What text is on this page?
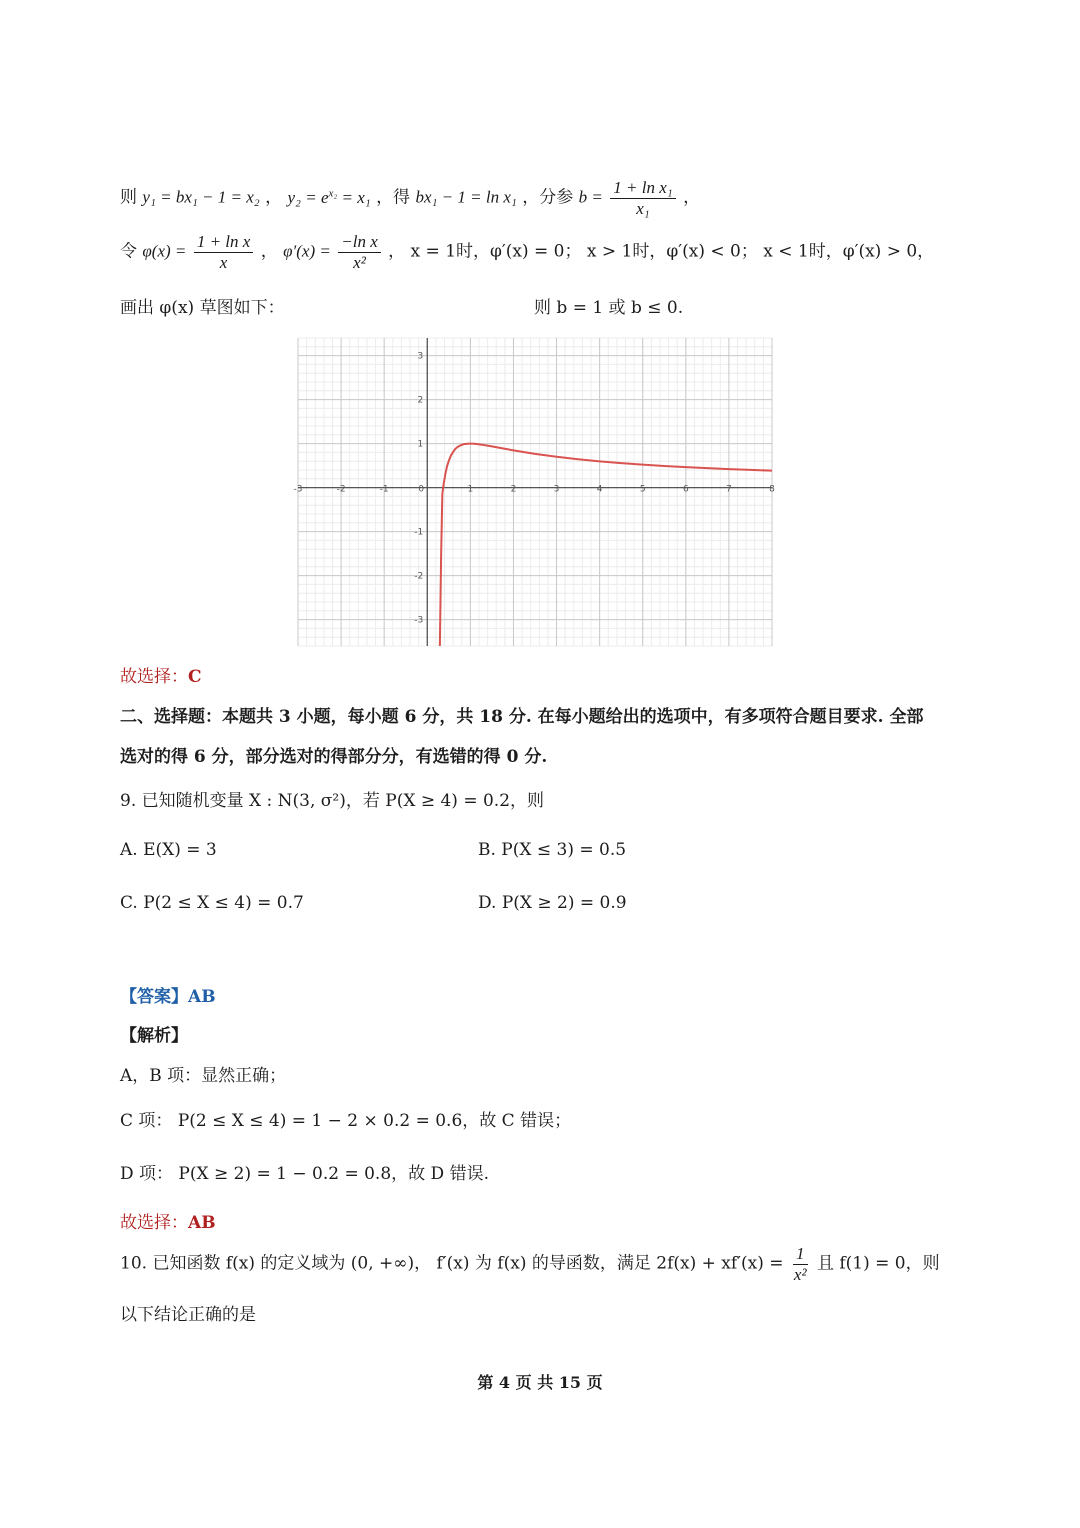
则 y₁ = bx₁ − 1 = x₂ ， $y_2 = e^{x_2} = x_1$ ，得 bx₁ − 1 = ln x₁ ，分参 $b = \frac{\text{1 + ln x₁}}{\text{x₁}}$ ，
令 $\varphi(x) = \frac{\text{1 + ln x}}{x}$ ， $\varphi'(x) = \frac{\text{−ln x}}{\text{x²}}$ ， x = 1时，φ′(x) = 0； x > 1时，φ′(x) < 0； x < 1时，φ′(x) > 0，
画出 φ(x) 草图如下：	则 b = 1 或 b ≤ 0.
-3	-2	-1	0	1	2	3	4	5	6	7	8
3
2
1
-1
-2
-3
故选择：C
二、选择题：本题共 3 小题，每小题 6 分，共 18 分. 在每小题给出的选项中，有多项符合题目要求. 全部
选对的得 6 分，部分选对的得部分分，有选错的得 0 分.
9. 已知随机变量 X : N(3, σ²)，若 P(X ≥ 4) = 0.2，则
A. E(X) = 3	B. P(X ≤ 3) = 0.5
C. P(2 ≤ X ≤ 4) = 0.7	D. P(X ≥ 2) = 0.9
【答案】AB
【解析】
A，B 项：显然正确；
C 项： P(2 ≤ X ≤ 4) = 1 − 2 × 0.2 = 0.6，故 C 错误；
D 项： P(X ≥ 2) = 1 − 0.2 = 0.8，故 D 错误.
故选择：AB
10. 已知函数 f(x) 的定义域为 (0, +∞)， f′(x) 为 f(x) 的导函数，满足 $2f(x) + xf'(x) = \frac{1}{\text{x²}}$ 且 f(1) = 0，则
以下结论正确的是
第 4 页 共 15 页
